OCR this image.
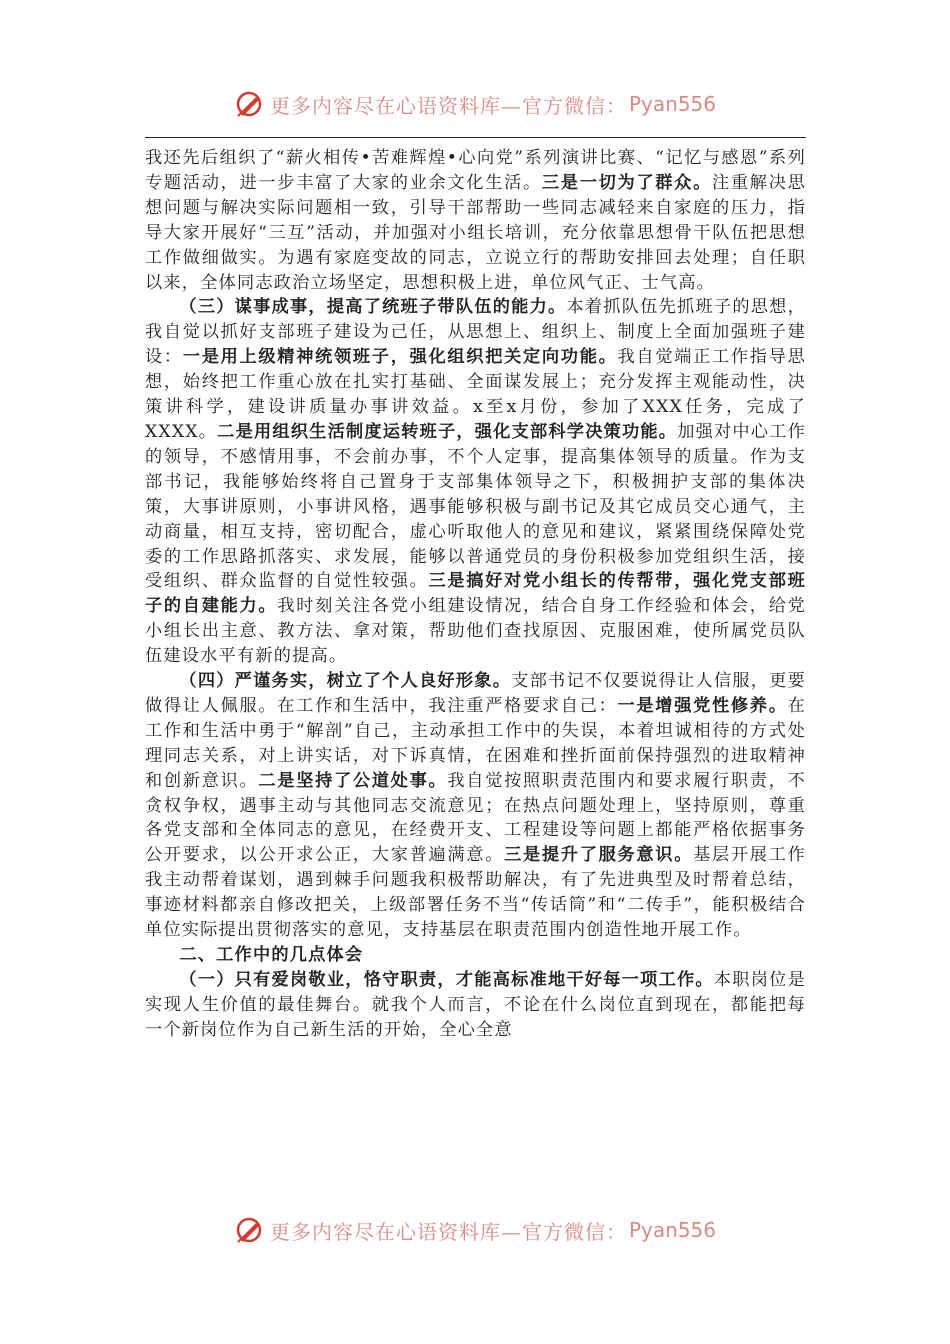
更多内容尽在心语资料库—官方微信： Pyan556

我还先后组织了“薪火相传•苦难辉煌•心向党”系列演讲比赛、“记忆与感恩”系列专题活动，进一步丰富了大家的业余文化生活。三是一切为了群众。注重解决思想问题与解决实际问题相一致，引导干部帮助一些同志减轻来自家庭的压力，指导大家开展好“三互”活动，并加强对小组长培训，充分依靠思想骨干队伍把思想工作做细做实。为遇有家庭变故的同志，立说立行的帮助安排回去处理；自任职以来，全体同志政治立场坚定，思想积极上进，单位风气正、士气高。

（三）谋事成事，提高了统班子带队伍的能力。本着抓队伍先抓班子的思想，我自觉以抓好支部班子建设为己任，从思想上、组织上、制度上全面加强班子建设：一是用上级精神统领班子，强化组织把关定向功能。我自觉端正工作指导思想，始终把工作重心放在扎实打基础、全面谋发展上；充分发挥主观能动性，决策讲科学，建设讲质量办事讲效益。x至x月份，参加了XXX任务，完成了XXXX。二是用组织生活制度运转班子，强化支部科学决策功能。加强对中心工作的领导，不感情用事，不会前办事，不个人定事，提高集体领导的质量。作为支部书记，我能够始终将自己置身于支部集体领导之下，积极拥护支部的集体决策，大事讲原则，小事讲风格，遇事能够积极与副书记及其它成员交心通气，主动商量，相互支持，密切配合，虚心听取他人的意见和建议，紧紧围绕保障处党委的工作思路抓落实、求发展，能够以普通党员的身份积极参加党组织生活，接受组织、群众监督的自觉性较强。三是搞好对党小组长的传帮带，强化党支部班子的自建能力。我时刻关注各党小组建设情况，结合自身工作经验和体会，给党小组长出主意、教方法、拿对策，帮助他们查找原因、克服困难，使所属党员队伍建设水平有新的提高。

（四）严谨务实，树立了个人良好形象。支部书记不仅要说得让人信服，更要做得让人佩服。在工作和生活中，我注重严格要求自己：一是增强党性修养。在工作和生活中勇于“解剖”自己，主动承担工作中的失误，本着坦诚相待的方式处理同志关系，对上讲实话，对下诉真情，在困难和挫折面前保持强烈的进取精神和创新意识。二是坚持了公道处事。我自觉按照职责范围内和要求履行职责，不贪权争权，遇事主动与其他同志交流意见；在热点问题处理上，坚持原则，尊重各党支部和全体同志的意见，在经费开支、工程建设等问题上都能严格依据事务公开要求，以公开求公正，大家普遍满意。三是提升了服务意识。基层开展工作我主动帮着谋划，遇到棘手问题我积极帮助解决，有了先进典型及时帮着总结，事迹材料都亲自修改把关，上级部署任务不当“传话筒”和“二传手”，能积极结合单位实际提出贯彻落实的意见，支持基层在职责范围内创造性地开展工作。

二、工作中的几点体会

（一）只有爱岗敬业，恪守职责，才能高标准地干好每一项工作。本职岗位是实现人生价值的最佳舞台。就我个人而言，不论在什么岗位直到现在，都能把每一个新岗位作为自己新生活的开始，全心全意

更多内容尽在心语资料库—官方微信： Pyan556
